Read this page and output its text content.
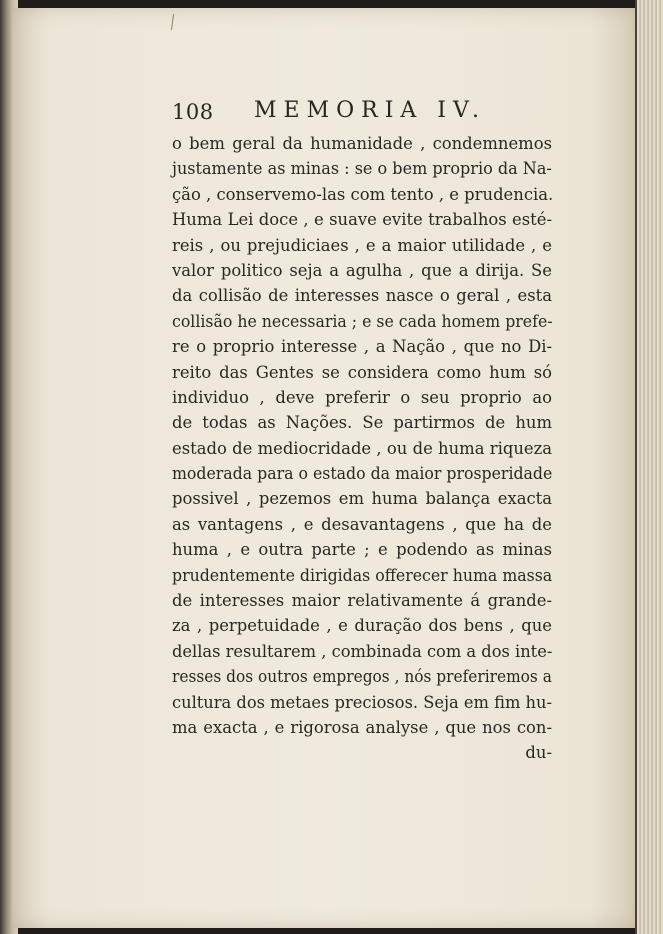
108 MEMORIA IV.
o bem geral da humanidade , condemnemos
justamente as minas : se o bem proprio da Na-
ção , conservemo-las com tento , e prudencia.
Huma Lei doce , e suave evite trabalhos esté-
reis , ou prejudiciaes , e a maior utilidade , e
valor politico seja a agulha , que a dirija. Se
da collisão de interesses nasce o geral , esta
collisão he necessaria ; e se cada homem prefe-
re o proprio interesse , a Nação , que no Di-
reito das Gentes se considera como hum só
individuo , deve preferir o seu proprio ao
de todas as Nações. Se partirmos de hum
estado de mediocridade , ou de huma riqueza
moderada para o estado da maior prosperidade
possivel , pezemos em huma balança exacta
as vantagens , e desavantagens , que ha de
huma , e outra parte ; e podendo as minas
prudentemente dirigidas offerecer huma massa
de interesses maior relativamente á grande-
za , perpetuidade , e duração dos bens , que
dellas resultarem , combinada com a dos inte-
resses dos outros empregos , nós preferiremos a
cultura dos metaes preciosos. Seja em fim hu-
ma exacta , e rigorosa analyse , que nos con-
du-
